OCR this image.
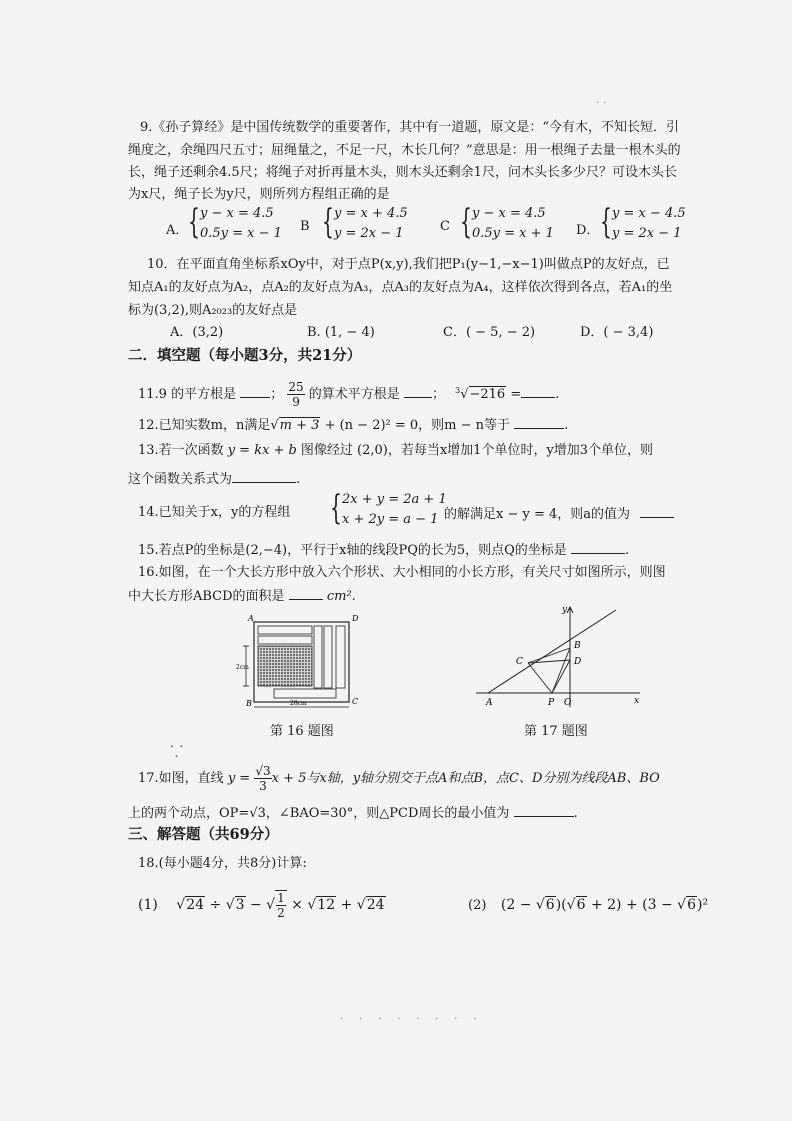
9.《孙子算经》是中国传统数学的重要著作，其中有一道题，原文是：“今有木，不知长短．引
绳度之，余绳四尺五寸；屈绳量之，不足一尺，木长几何？”意思是：用一根绳子去量一根木头的
长，绳子还剩余4.5尺；将绳子对折再量木头，则木头还剩余1尺，问木头长多少尺？可设木头长
为x尺，绳子长为y尺，则所列方程组正确的是
A． { y − x = 4.5
0.5y = x − 1 B { y = x + 4.5
y = 2x − 1	C { y − x = 4.5
0.5y = x + 1 D． { y = x − 4.5
y = 2x − 1
10．在平面直角坐标系xOy中，对于点P(x,y),我们把P₁(y−1,−x−1)叫做点P的友好点，已
知点A₁的友好点为A₂，点A₂的友好点为A₃，点A₃的友好点为A₄，这样依次得到各点，若A₁的坐
标为(3,2),则A₂₀₂₃的友好点是
A．(3,2)	B. (1, − 4)	C．( − 5, − 2)	D．( − 3,4)
二．填空题（每小题3分，共21分）
11.9 的平方根是	； $\frac{25}{9}$ 的算术平方根是 ； $^3$√−216 =	.
12.已知实数m，n满足√m + 3 + (n − 2)² = 0，则m − n等于	.
13.若一次函数 y = kx + b 图像经过 (2,0)，若每当x增加1个单位时，y增加3个单位，则
这个函数关系式为	.
14.已知关于x，y的方程组 { 2x + y = 2a + 1
x + 2y = a − 1 的解满足x − y = 4，则a的值为
15.若点P的坐标是(2,−4)，平行于x轴的线段PQ的长为5，则点Q的坐标是	.
16.如图，在一个大长方形中放入六个形状、大小相同的小长方形，有关尺寸如图所示，则图
中大长方形ABCD的面积是	cm².
A	D
B	C
2cm
28cm
第 16 题图
y
x
A
B
C	D
P O
第 17 题图
17.如图，直线 $y = \frac{√3}{3}$ x + 5与x轴，y轴分别交于点A和点B，点C、D分别为线段AB、BO
上的两个动点，OP=√3，∠BAO=30°，则△PCD周长的最小值为	.
三、解答题（共69分）
18.(每小题4分，共8分)计算:
(1) √24 ÷ √3 − √ $\frac{1}{2} \times √12 + √24$	(2) (2 − √6)(√6 + 2) + (3 − √6)²
· ·
⸪
· · · · · · · ·
